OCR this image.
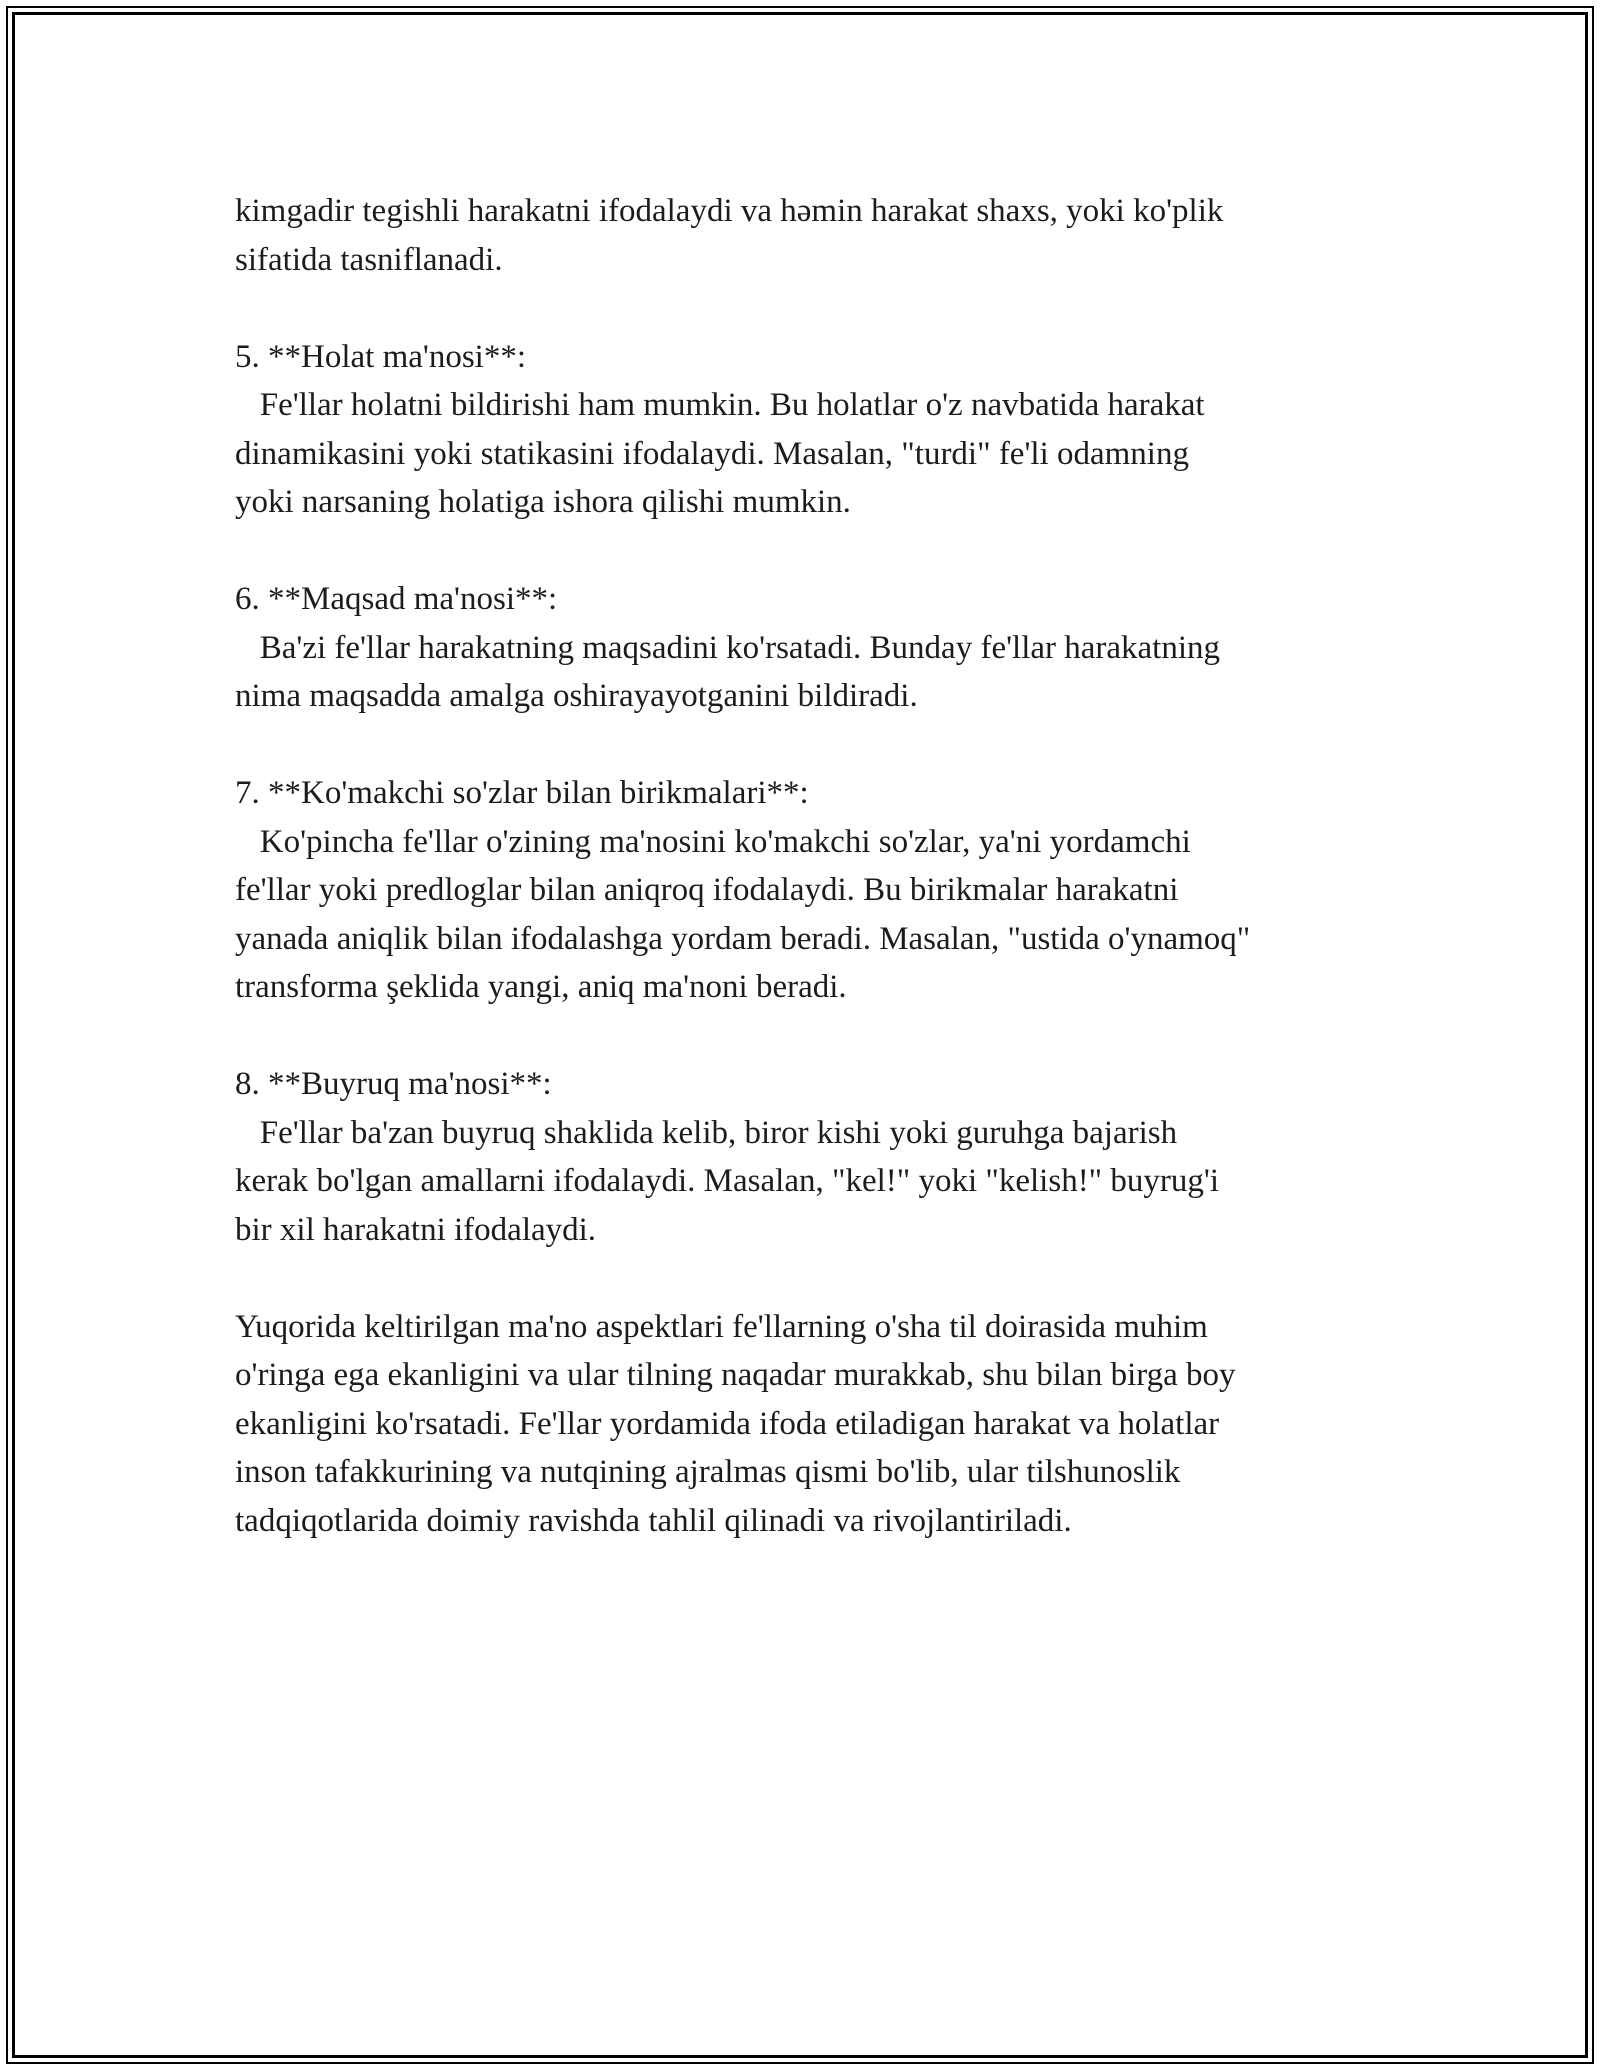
kimgadir tegishli harakatni ifodalaydi va həmin harakat shaxs, yoki ko'plik
sifatida tasniflanadi.
5. **Holat ma'nosi**:
Fe'llar holatni bildirishi ham mumkin. Bu holatlar o'z navbatida harakat
dinamikasini yoki statikasini ifodalaydi. Masalan, "turdi" fe'li odamning
yoki narsaning holatiga ishora qilishi mumkin.
6. **Maqsad ma'nosi**:
Ba'zi fe'llar harakatning maqsadini ko'rsatadi. Bunday fe'llar harakatning
nima maqsadda amalga oshirayayotganini bildiradi.
7. **Ko'makchi so'zlar bilan birikmalari**:
Ko'pincha fe'llar o'zining ma'nosini ko'makchi so'zlar, ya'ni yordamchi
fe'llar yoki predloglar bilan aniqroq ifodalaydi. Bu birikmalar harakatni
yanada aniqlik bilan ifodalashga yordam beradi. Masalan, "ustida o'ynamoq"
transforma şeklida yangi, aniq ma'noni beradi.
8. **Buyruq ma'nosi**:
Fe'llar ba'zan buyruq shaklida kelib, biror kishi yoki guruhga bajarish
kerak bo'lgan amallarni ifodalaydi. Masalan, "kel!" yoki "kelish!" buyrug'i
bir xil harakatni ifodalaydi.
Yuqorida keltirilgan ma'no aspektlari fe'llarning o'sha til doirasida muhim
o'ringa ega ekanligini va ular tilning naqadar murakkab, shu bilan birga boy
ekanligini ko'rsatadi. Fe'llar yordamida ifoda etiladigan harakat va holatlar
inson tafakkurining va nutqining ajralmas qismi bo'lib, ular tilshunoslik
tadqiqotlarida doimiy ravishda tahlil qilinadi va rivojlantiriladi.
